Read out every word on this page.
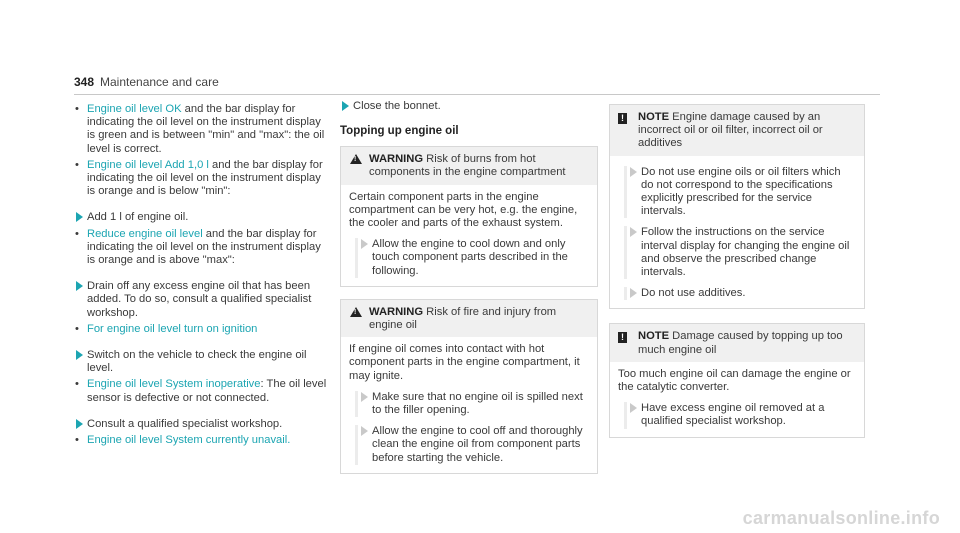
348 Maintenance and care
• Engine oil level OK and the bar display for indicating the oil level on the instrument display is green and is between "min" and "max": the oil level is correct.
• Engine oil level Add 1,0 l and the bar display for indicating the oil level on the instrument display is orange and is below "min":
Add 1 l of engine oil.
• Reduce engine oil level and the bar display for indicating the oil level on the instrument display is orange and is above "max":
Drain off any excess engine oil that has been added. To do so, consult a qualified specialist workshop.
• For engine oil level turn on ignition
Switch on the vehicle to check the engine oil level.
• Engine oil level System inoperative: The oil level sensor is defective or not connected.
Consult a qualified specialist workshop.
• Engine oil level System currently unavail.
Close the bonnet.
Topping up engine oil
!
WARNING Risk of burns from hot components in the engine compartment
Certain component parts in the engine compartment can be very hot, e.g. the engine, the cooler and parts of the exhaust system.
Allow the engine to cool down and only touch component parts described in the following.
!
WARNING Risk of fire and injury from engine oil
If engine oil comes into contact with hot component parts in the engine compartment, it may ignite.
Make sure that no engine oil is spilled next to the filler opening.
Allow the engine to cool off and thoroughly clean the engine oil from component parts before starting the vehicle.
!	NOTE Engine damage caused by an incorrect oil or oil filter, incorrect oil or additives
Do not use engine oils or oil filters which do not correspond to the specifications explicitly prescribed for the service intervals.
Follow the instructions on the service interval display for changing the engine oil and observe the prescribed change intervals.
Do not use additives.
!	NOTE Damage caused by topping up too much engine oil
Too much engine oil can damage the engine or the catalytic converter.
Have excess engine oil removed at a qualified specialist workshop.
carmanualsonline.info
